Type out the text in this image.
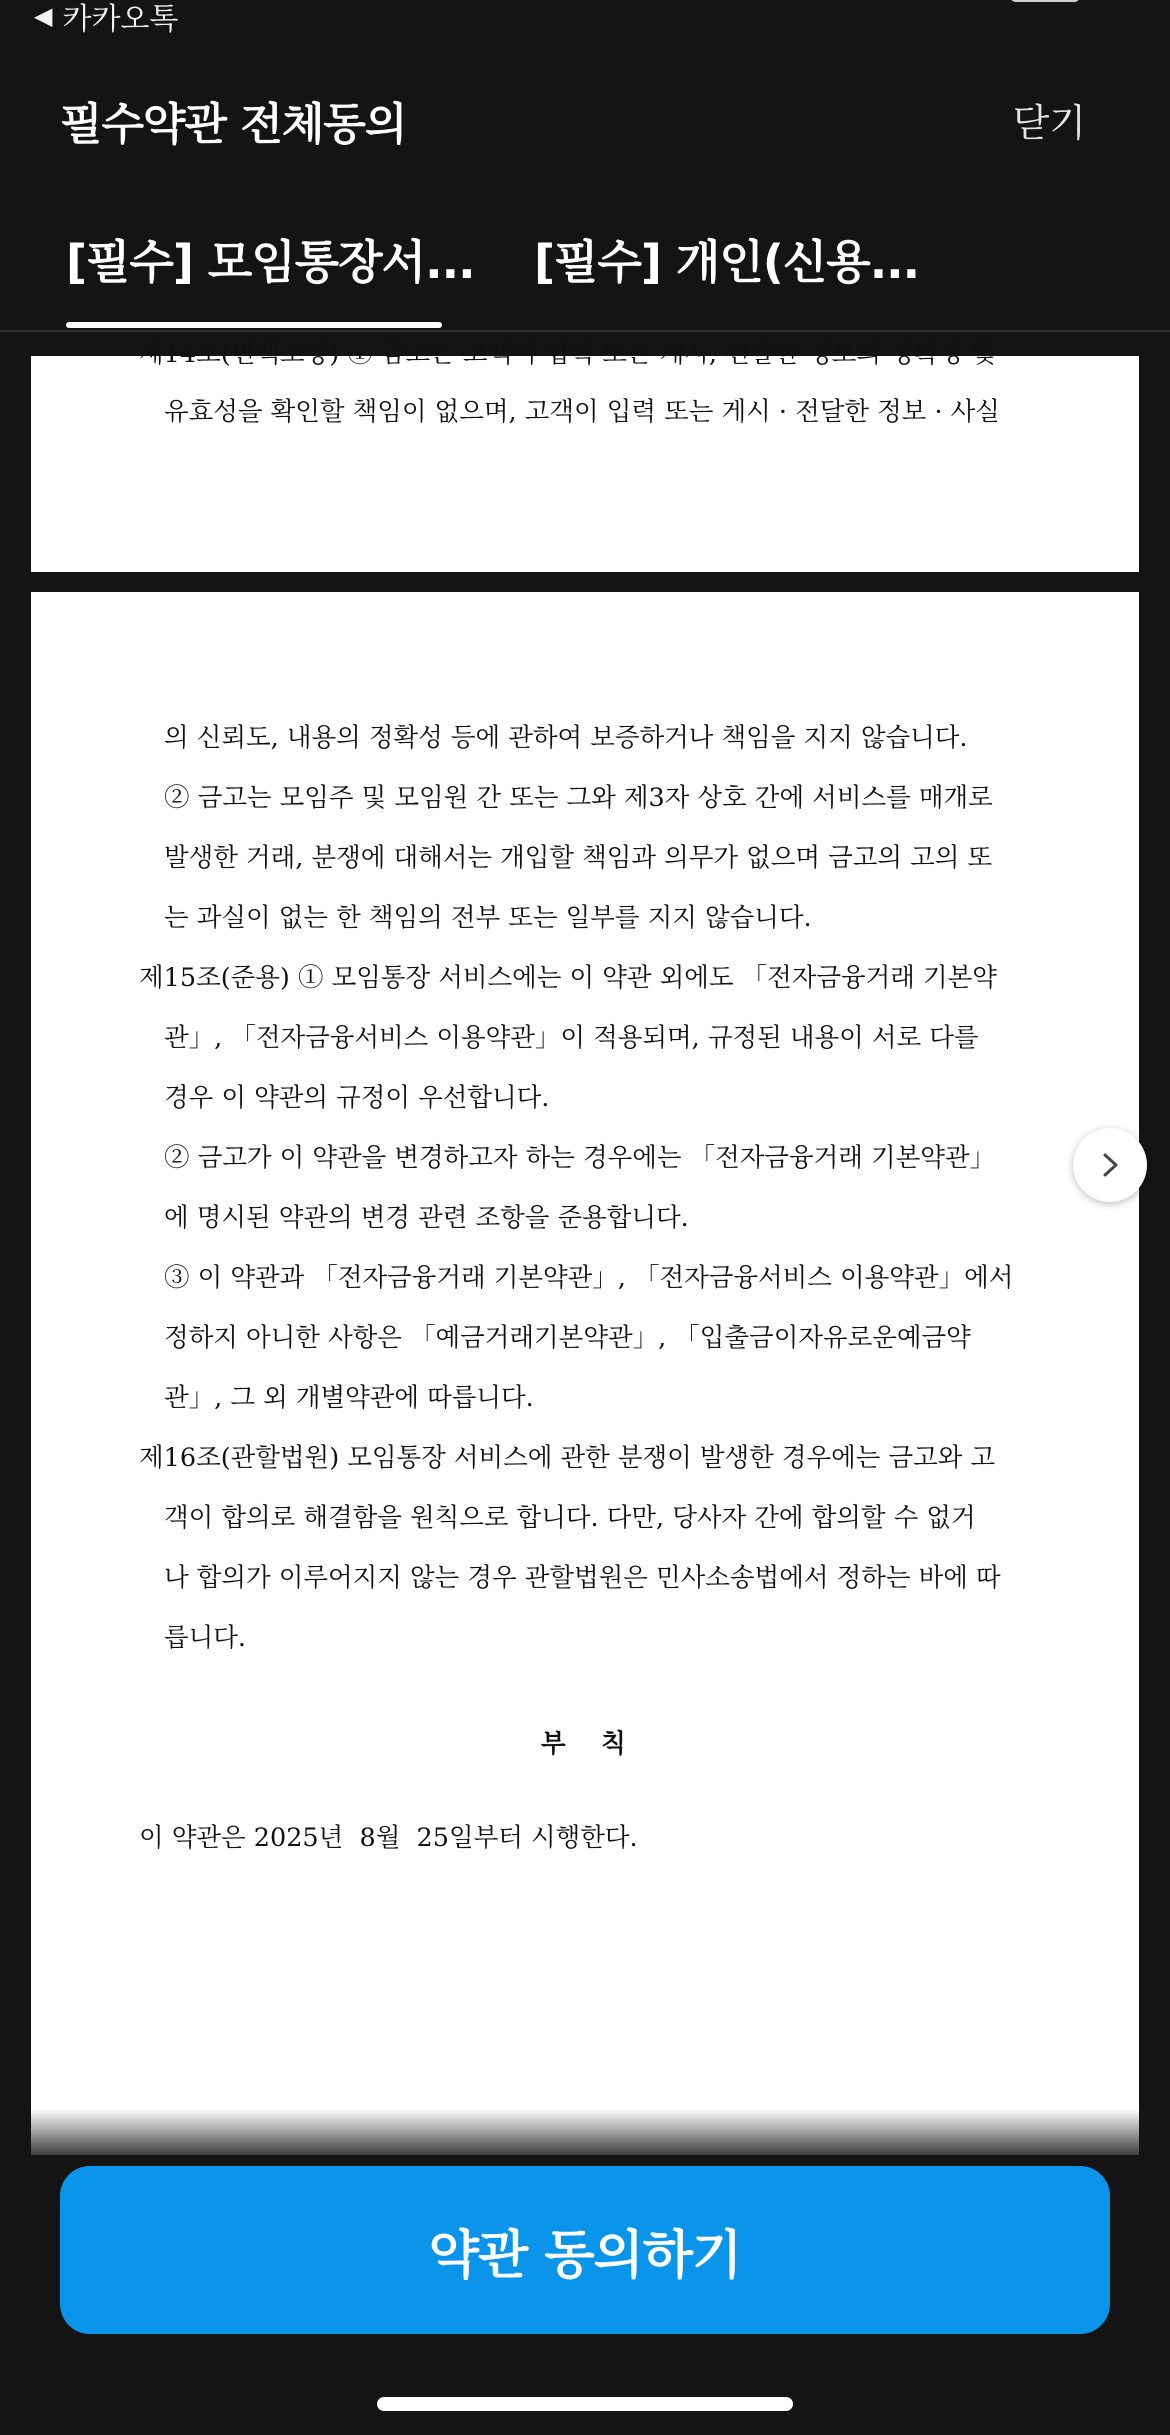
◀ 카카오톡
필수약관 전체동의	닫기
[필수] 모임통장서... [필수] 개인(신용...
제14조(면책조항) ① 금고는 고객이 입력 또는 게시, 전달한 정보의 정확성 및
유효성을 확인할 책임이 없으며, 고객이 입력 또는 게시 · 전달한 정보 · 사실
의 신뢰도, 내용의 정확성 등에 관하여 보증하거나 책임을 지지 않습니다.
② 금고는 모임주 및 모임원 간 또는 그와 제3자 상호 간에 서비스를 매개로
발생한 거래, 분쟁에 대해서는 개입할 책임과 의무가 없으며 금고의 고의 또
는 과실이 없는 한 책임의 전부 또는 일부를 지지 않습니다.
제15조(준용) ① 모임통장 서비스에는 이 약관 외에도 「전자금융거래 기본약
관」, 「전자금융서비스 이용약관」이 적용되며, 규정된 내용이 서로 다를
경우 이 약관의 규정이 우선합니다.
② 금고가 이 약관을 변경하고자 하는 경우에는 「전자금융거래 기본약관」
에 명시된 약관의 변경 관련 조항을 준용합니다.
③ 이 약관과 「전자금융거래 기본약관」, 「전자금융서비스 이용약관」에서
정하지 아니한 사항은 「예금거래기본약관」, 「입출금이자유로운예금약
관」, 그 외 개별약관에 따릅니다.
제16조(관할법원) 모임통장 서비스에 관한 분쟁이 발생한 경우에는 금고와 고
객이 합의로 해결함을 원칙으로 합니다. 다만, 당사자 간에 합의할 수 없거
나 합의가 이루어지지 않는 경우 관할법원은 민사소송법에서 정하는 바에 따
릅니다.
부    칙
이 약관은 2025년  8월  25일부터 시행한다.
약관 동의하기
